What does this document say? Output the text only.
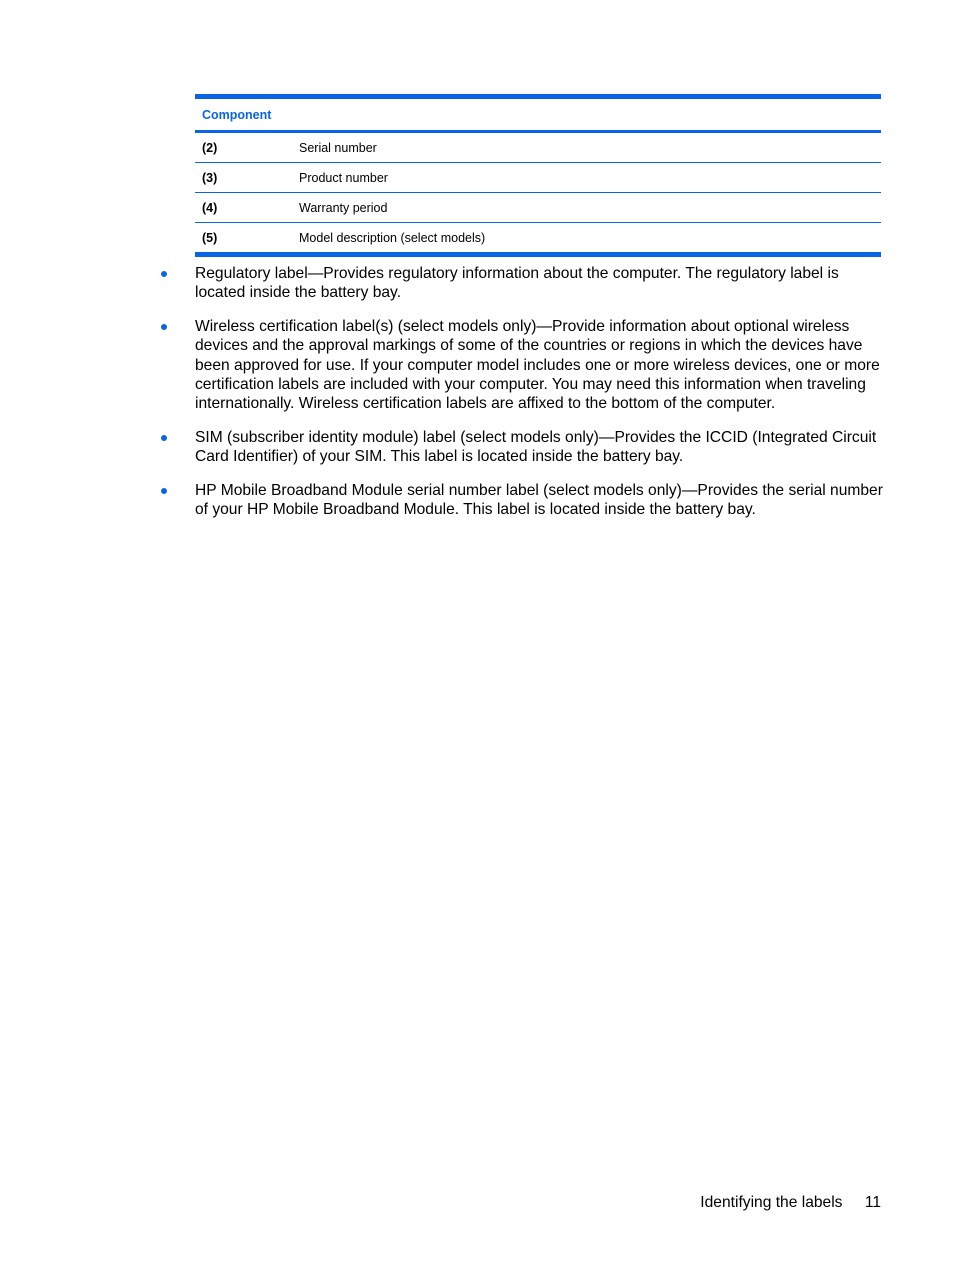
Component	
(2)	Serial number
(3)	Product number
(4)	Warranty period
(5)	Model description (select models)
Regulatory label—Provides regulatory information about the computer. The regulatory label is located inside the battery bay.
Wireless certification label(s) (select models only)—Provide information about optional wireless devices and the approval markings of some of the countries or regions in which the devices have been approved for use. If your computer model includes one or more wireless devices, one or more certification labels are included with your computer. You may need this information when traveling internationally. Wireless certification labels are affixed to the bottom of the computer.
SIM (subscriber identity module) label (select models only)—Provides the ICCID (Integrated Circuit Card Identifier) of your SIM. This label is located inside the battery bay.
HP Mobile Broadband Module serial number label (select models only)—Provides the serial number of your HP Mobile Broadband Module. This label is located inside the battery bay.
Identifying the labels 11
